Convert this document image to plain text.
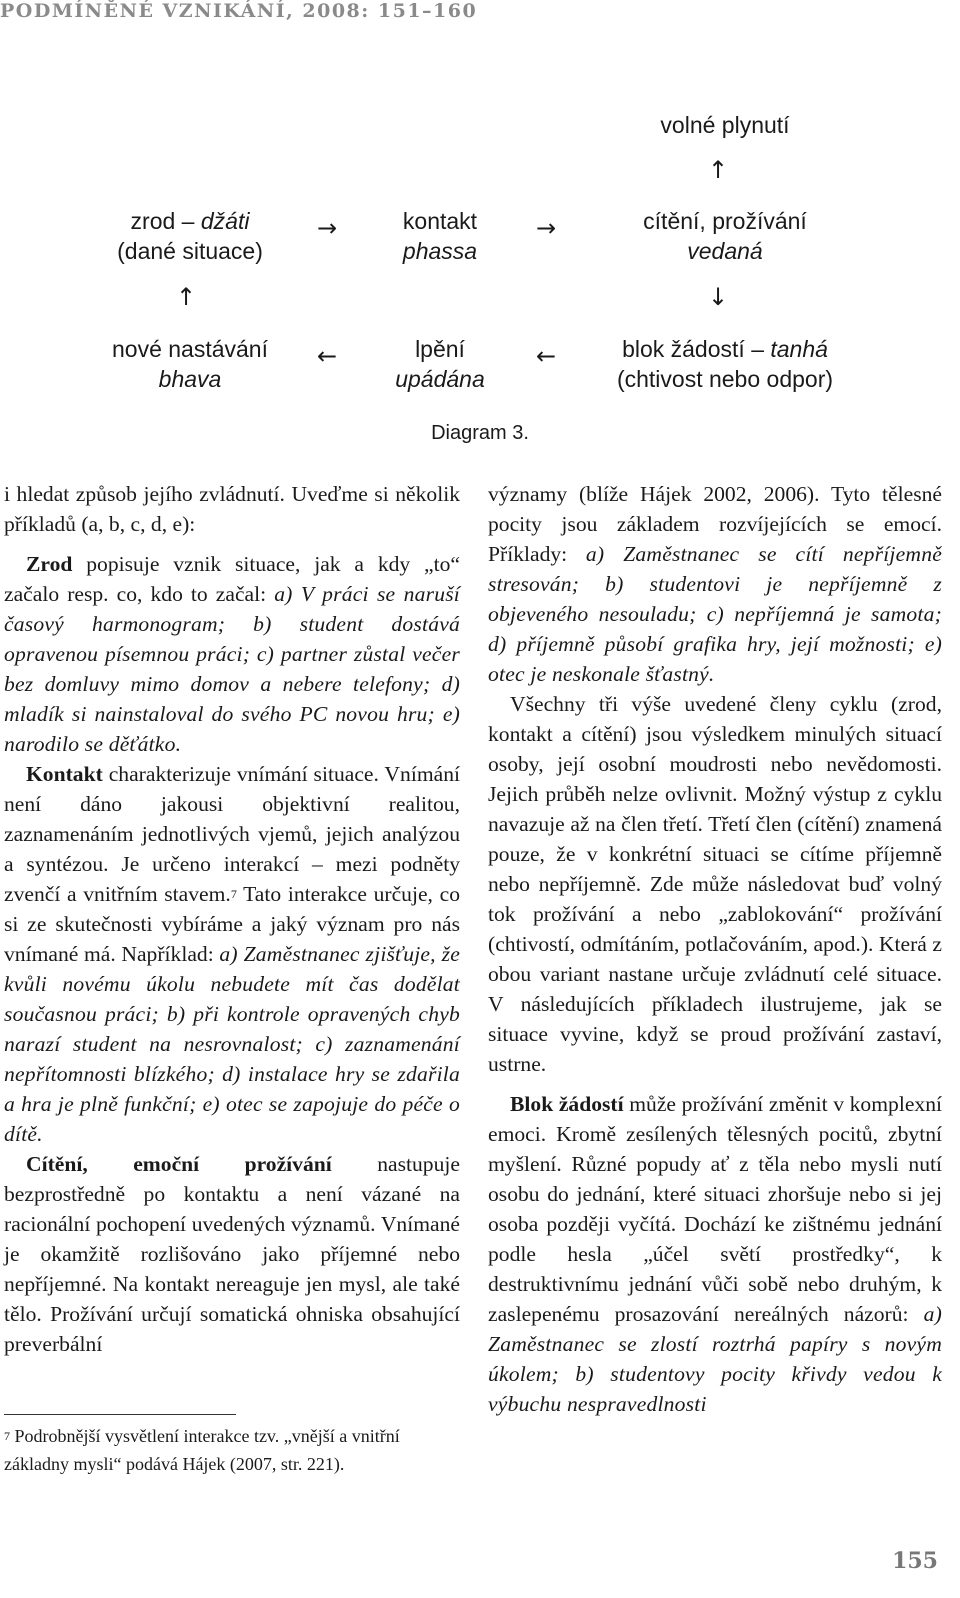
PODMÍNĚNÉ VZNIKÁNÍ, 2008: 151–160
volné plynutí
↑
zrod – džáti
(dané situace)
→	kontakt
phassa
→	cítění, prožívání
vedaná
↑	↓
nové nastávání
bhava
←	lpění
upádána
←	blok žádostí – tanhá
(chtivost nebo odpor)
Diagram 3.

i hledat způsob jejího zvládnutí. Uveďme si několik příkladů (a, b, c, d, e):

Zrod popisuje vznik situace, jak a kdy „to“ začalo resp. co, kdo to začal: a) V práci se naruší časový harmonogram; b) student dostává opravenou písemnou práci; c) partner zůstal večer bez domluvy mimo domov a nebere telefony; d) mladík si nainstaloval do svého PC novou hru; e) narodilo se děťátko.

Kontakt charakterizuje vnímání situace. Vnímání není dáno jakousi objektivní realitou, zaznamenáním jednotlivých vjemů, jejich analýzou a syntézou. Je určeno interakcí – mezi podněty zvenčí a vnitřním stavem.$^7$ Tato interakce určuje, co si ze skutečnosti vybíráme a jaký význam pro nás vnímané má. Například: a) Zaměstnanec zjišťuje, že kvůli novému úkolu nebudete mít čas dodělat současnou práci; b) při kontrole opravených chyb narazí student na nesrovnalost; c) zaznamenání nepřítomnosti blízkého; d) instalace hry se zdařila a hra je plně funkční; e) otec se zapojuje do péče o dítě.

Cítění, emoční prožívání nastupuje bezprostředně po kontaktu a není vázané na racionální pochopení uvedených významů. Vnímané je okamžitě rozlišováno jako příjemné nebo nepříjemné. Na kontakt nereaguje jen mysl, ale také tělo. Prožívání určují somatická ohniska obsahující preverbální

$^7$ Podrobnější vysvětlení interakce tzv. „vnější a vnitřní základny mysli“ podává Hájek (2007, str. 221).

významy (blíže Hájek 2002, 2006). Tyto tělesné pocity jsou základem rozvíjejících se emocí. Příklady: a) Zaměstnanec se cítí nepříjemně stresován; b) studentovi je nepříjemně z objeveného nesouladu; c) nepříjemná je samota; d) příjemně působí grafika hry, její možnosti; e) otec je neskonale šťastný.

Všechny tři výše uvedené členy cyklu (zrod, kontakt a cítění) jsou výsledkem minulých situací osoby, její osobní moudrosti nebo nevědomosti. Jejich průběh nelze ovlivnit. Možný výstup z cyklu navazuje až na člen třetí. Třetí člen (cítění) znamená pouze, že v konkrétní situaci se cítíme příjemně nebo nepříjemně. Zde může následovat buď volný tok prožívání a nebo „zablokování“ prožívání (chtivostí, odmítáním, potlačováním, apod.). Která z obou variant nastane určuje zvládnutí celé situace. V následujících příkladech ilustrujeme, jak se situace vyvine, když se proud prožívání zastaví, ustrne.

Blok žádostí může prožívání změnit v komplexní emoci. Kromě zesílených tělesných pocitů, zbytní myšlení. Různé popudy ať z těla nebo mysli nutí osobu do jednání, které situaci zhoršuje nebo si jej osoba později vyčítá. Dochází ke zištnému jednání podle hesla „účel světí prostředky“, k destruktivnímu jednání vůči sobě nebo druhým, k zaslepenému prosazování nereálných názorů: a) Zaměstnanec se zlostí roztrhá papíry s novým úkolem; b) studentovy pocity křivdy vedou k výbuchu nespravedlnosti

155
